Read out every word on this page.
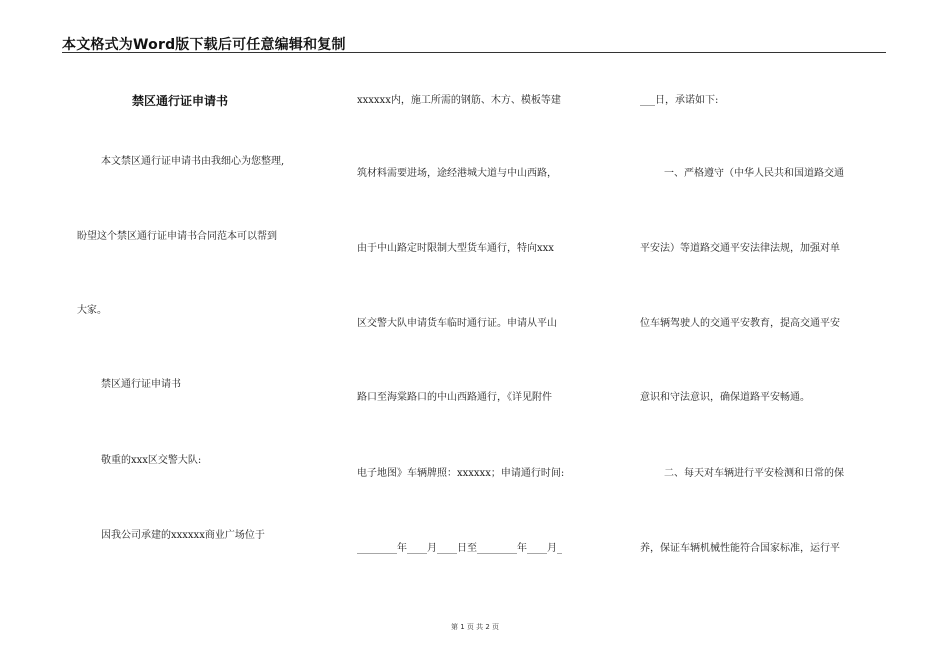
本文格式为Word版下载后可任意编辑和复制
禁区通行证申请书
本文禁区通行证申请书由我细心为您整理,
盼望这个禁区通行证申请书合同范本可以帮到
大家。
禁区通行证申请书
敬重的xxx区交警大队:
因我公司承建的xxxxxx商业广场位于
xxxxxx内，施工所需的钢筋、木方、模板等建
筑材料需要进场，途经港城大道与中山西路，
由于中山路定时限制大型货车通行，特向xxx
区交警大队申请货车临时通行证。申请从平山
路口至海棠路口的中山西路通行，《详见附件
电子地图》车辆牌照：xxxxxx；申请通行时间:
________年____月____日至________年____月_
___日，承诺如下:
一、严格遵守（中华人民共和国道路交通
平安法）等道路交通平安法律法规，加强对单
位车辆驾驶人的交通平安教育，提高交通平安
意识和守法意识，确保道路平安畅通。
二、每天对车辆进行平安检测和日常的保
养，保证车辆机械性能符合国家标准，运行平
第 1 页 共 2 页
